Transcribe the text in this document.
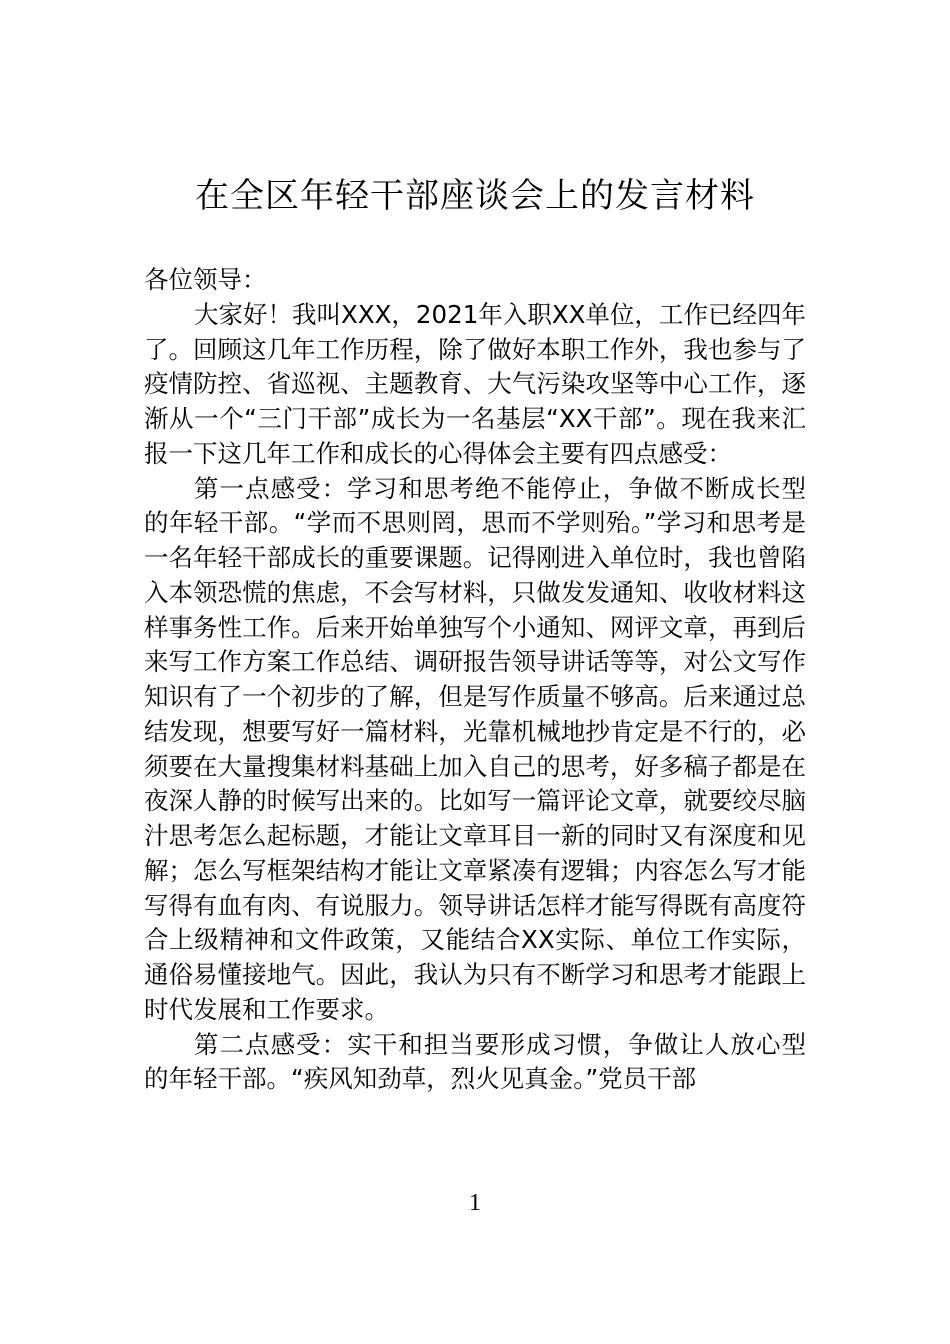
在全区年轻干部座谈会上的发言材料

各位领导：

大家好！我叫XXX，2021年入职XX单位，工作已经四年了。回顾这几年工作历程，除了做好本职工作外，我也参与了疫情防控、省巡视、主题教育、大气污染攻坚等中心工作，逐渐从一个“三门干部”成长为一名基层“XX干部”。现在我来汇报一下这几年工作和成长的心得体会主要有四点感受：

第一点感受：学习和思考绝不能停止，争做不断成长型的年轻干部。“学而不思则罔，思而不学则殆。”学习和思考是一名年轻干部成长的重要课题。记得刚进入单位时，我也曾陷入本领恐慌的焦虑，不会写材料，只做发发通知、收收材料这样事务性工作。后来开始单独写个小通知、网评文章，再到后来写工作方案工作总结、调研报告领导讲话等等，对公文写作知识有了一个初步的了解，但是写作质量不够高。后来通过总结发现，想要写好一篇材料，光靠机械地抄肯定是不行的，必须要在大量搜集材料基础上加入自己的思考，好多稿子都是在夜深人静的时候写出来的。比如写一篇评论文章，就要绞尽脑汁思考怎么起标题，才能让文章耳目一新的同时又有深度和见解；怎么写框架结构才能让文章紧凑有逻辑；内容怎么写才能写得有血有肉、有说服力。领导讲话怎样才能写得既有高度符合上级精神和文件政策，又能结合XX实际、单位工作实际，通俗易懂接地气。因此，我认为只有不断学习和思考才能跟上时代发展和工作要求。

第二点感受：实干和担当要形成习惯，争做让人放心型的年轻干部。“疾风知劲草，烈火见真金。”党员干部

1
